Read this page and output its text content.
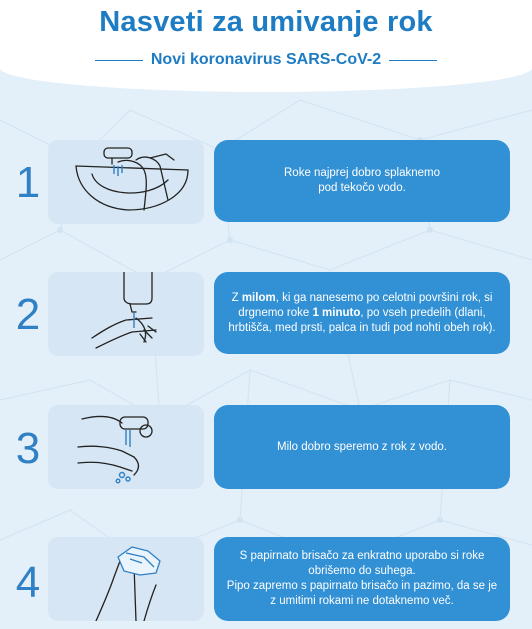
Nasveti za umivanje rok
Novi koronavirus SARS-CoV-2
1	Roke najprej dobro splaknemo pod tekočo vodo.
2	Z milom, ki ga nanesemo po celotni površini rok, si drgnemo roke 1 minuto, po vseh predelih (dlani, hrbtišča, med prsti, palca in tudi pod nohti obeh rok).
3	Milo dobro speremo z rok z vodo.
4
S papirnato brisačo za enkratno uporabo si roke obrišemo do suhega.
Pipo zapremo s papirnato brisačo in pazimo, da se je z umitimi rokami ne dotaknemo več.
